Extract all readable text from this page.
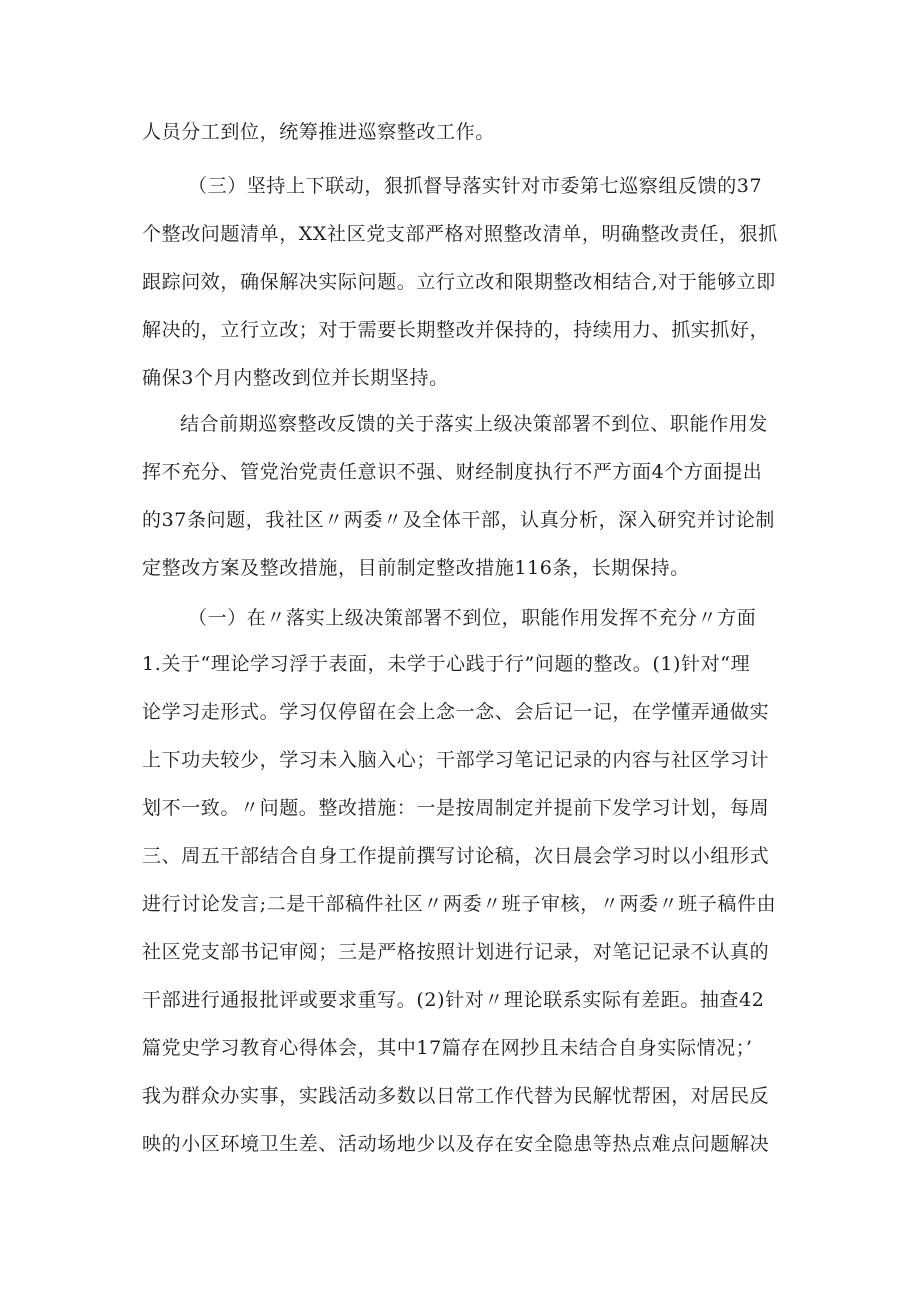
人员分工到位，统筹推进巡察整改工作。
（三）坚持上下联动，狠抓督导落实针对市委第七巡察组反馈的37
个整改问题清单，XX社区党支部严格对照整改清单，明确整改责任，狠抓
跟踪问效，确保解决实际问题。立行立改和限期整改相结合,对于能够立即
解决的，立行立改；对于需要长期整改并保持的，持续用力、抓实抓好，
确保3个月内整改到位并长期坚持。
结合前期巡察整改反馈的关于落实上级决策部署不到位、职能作用发
挥不充分、管党治党责任意识不强、财经制度执行不严方面4个方面提出
的37条问题，我社区〃两委〃及全体干部，认真分析，深入研究并讨论制
定整改方案及整改措施，目前制定整改措施116条，长期保持。
（一）在〃落实上级决策部署不到位，职能作用发挥不充分〃方面
1.关于“理论学习浮于表面，未学于心践于行”问题的整改。(1)针对“理
论学习走形式。学习仅停留在会上念一念、会后记一记，在学懂弄通做实
上下功夫较少，学习未入脑入心；干部学习笔记记录的内容与社区学习计
划不一致。〃问题。整改措施：一是按周制定并提前下发学习计划，每周
三、周五干部结合自身工作提前撰写讨论稿，次日晨会学习时以小组形式
进行讨论发言;二是干部稿件社区〃两委〃班子审核，〃两委〃班子稿件由
社区党支部书记审阅；三是严格按照计划进行记录，对笔记记录不认真的
干部进行通报批评或要求重写。(2)针对〃理论联系实际有差距。抽查42
篇党史学习教育心得体会，其中17篇存在网抄且未结合自身实际情况；’
我为群众办实事，实践活动多数以日常工作代替为民解忧帮困，对居民反
映的小区环境卫生差、活动场地少以及存在安全隐患等热点难点问题解决
